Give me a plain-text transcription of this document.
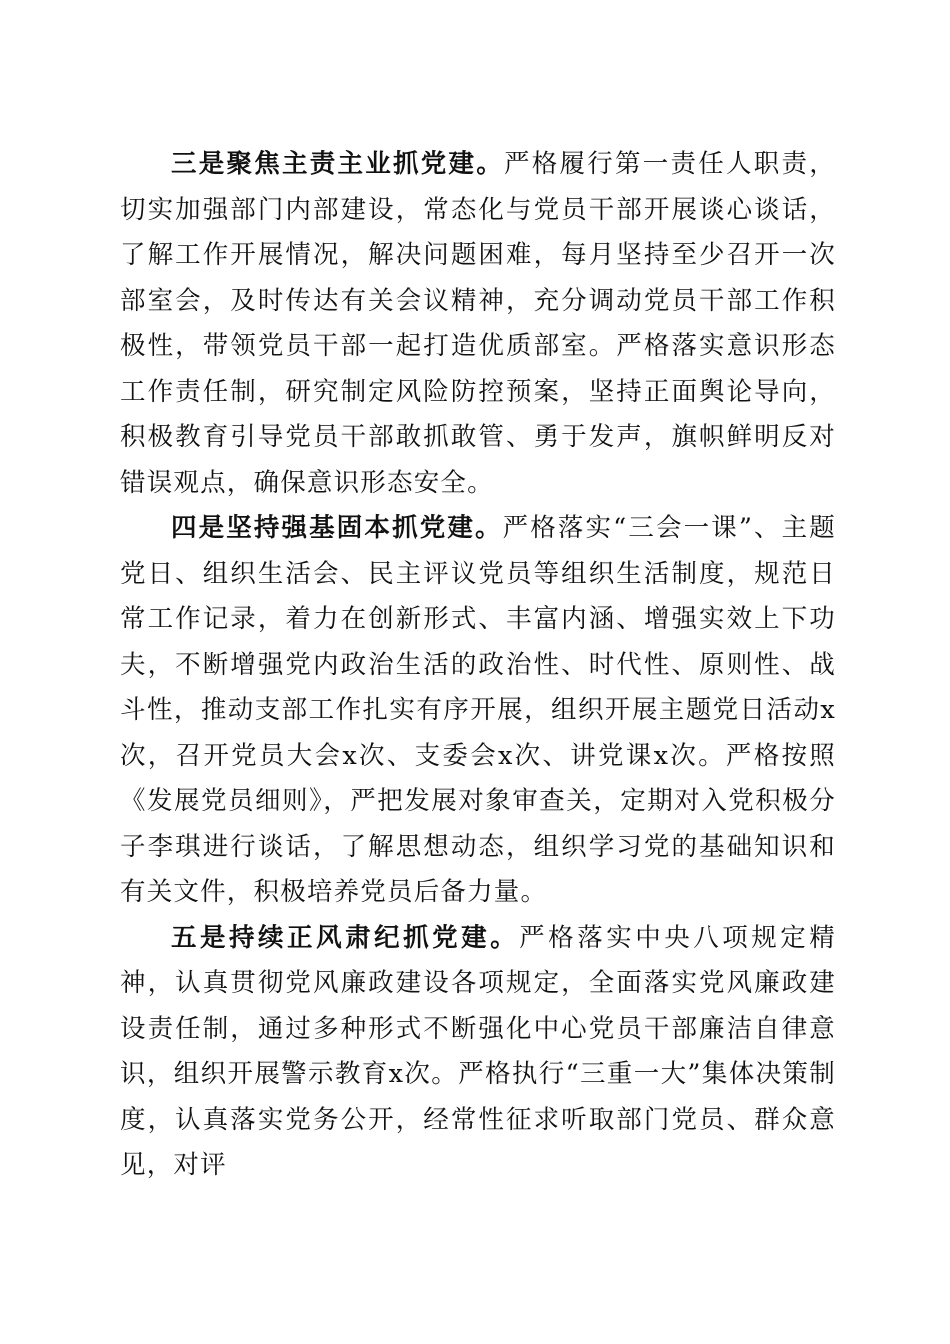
三是聚焦主责主业抓党建。严格履行第一责任人职责，切实加强部门内部建设，常态化与党员干部开展谈心谈话，了解工作开展情况，解决问题困难，每月坚持至少召开一次部室会，及时传达有关会议精神，充分调动党员干部工作积极性，带领党员干部一起打造优质部室。严格落实意识形态工作责任制，研究制定风险防控预案，坚持正面舆论导向，积极教育引导党员干部敢抓敢管、勇于发声，旗帜鲜明反对错误观点，确保意识形态安全。

四是坚持强基固本抓党建。严格落实“三会一课”、主题党日、组织生活会、民主评议党员等组织生活制度，规范日常工作记录，着力在创新形式、丰富内涵、增强实效上下功夫，不断增强党内政治生活的政治性、时代性、原则性、战斗性，推动支部工作扎实有序开展，组织开展主题党日活动x次，召开党员大会x次、支委会x次、讲党课x次。严格按照《发展党员细则》，严把发展对象审查关，定期对入党积极分子李琪进行谈话，了解思想动态，组织学习党的基础知识和有关文件，积极培养党员后备力量。

五是持续正风肃纪抓党建。严格落实中央八项规定精神，认真贯彻党风廉政建设各项规定，全面落实党风廉政建设责任制，通过多种形式不断强化中心党员干部廉洁自律意识，组织开展警示教育x次。严格执行“三重一大”集体决策制度，认真落实党务公开，经常性征求听取部门党员、群众意见，对评
